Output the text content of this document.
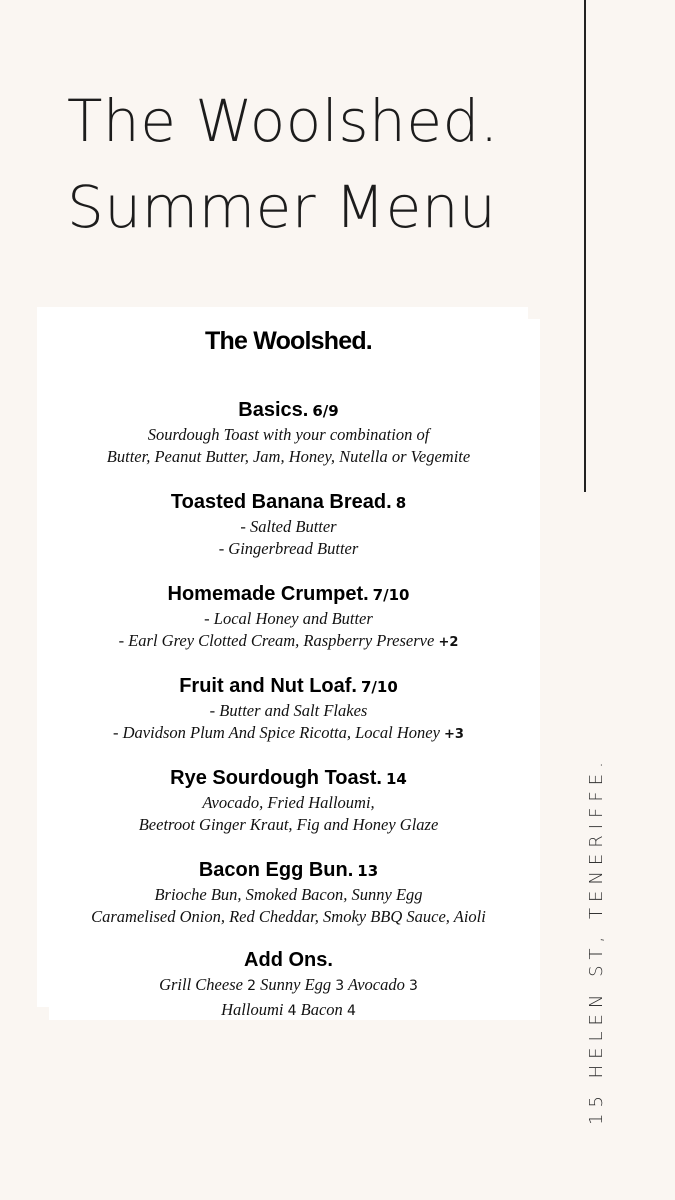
The Woolshed.
Summer Menu
15 HELEN ST, TENERIFFE.
The Woolshed.
Basics. 6/9
Sourdough Toast with your combination of
Butter, Peanut Butter, Jam, Honey, Nutella or Vegemite
Toasted Banana Bread. 8
- Salted Butter
- Gingerbread Butter
Homemade Crumpet. 7/10
- Local Honey and Butter
- Earl Grey Clotted Cream, Raspberry Preserve +2
Fruit and Nut Loaf. 7/10
- Butter and Salt Flakes
- Davidson Plum And Spice Ricotta, Local Honey +3
Rye Sourdough Toast. 14
Avocado, Fried Halloumi,
Beetroot Ginger Kraut, Fig and Honey Glaze
Bacon Egg Bun. 13
Brioche Bun, Smoked Bacon, Sunny Egg
Caramelised Onion, Red Cheddar, Smoky BBQ Sauce, Aioli
Add Ons.
Grill Cheese 2 Sunny Egg 3 Avocado 3
Halloumi 4 Bacon 4
